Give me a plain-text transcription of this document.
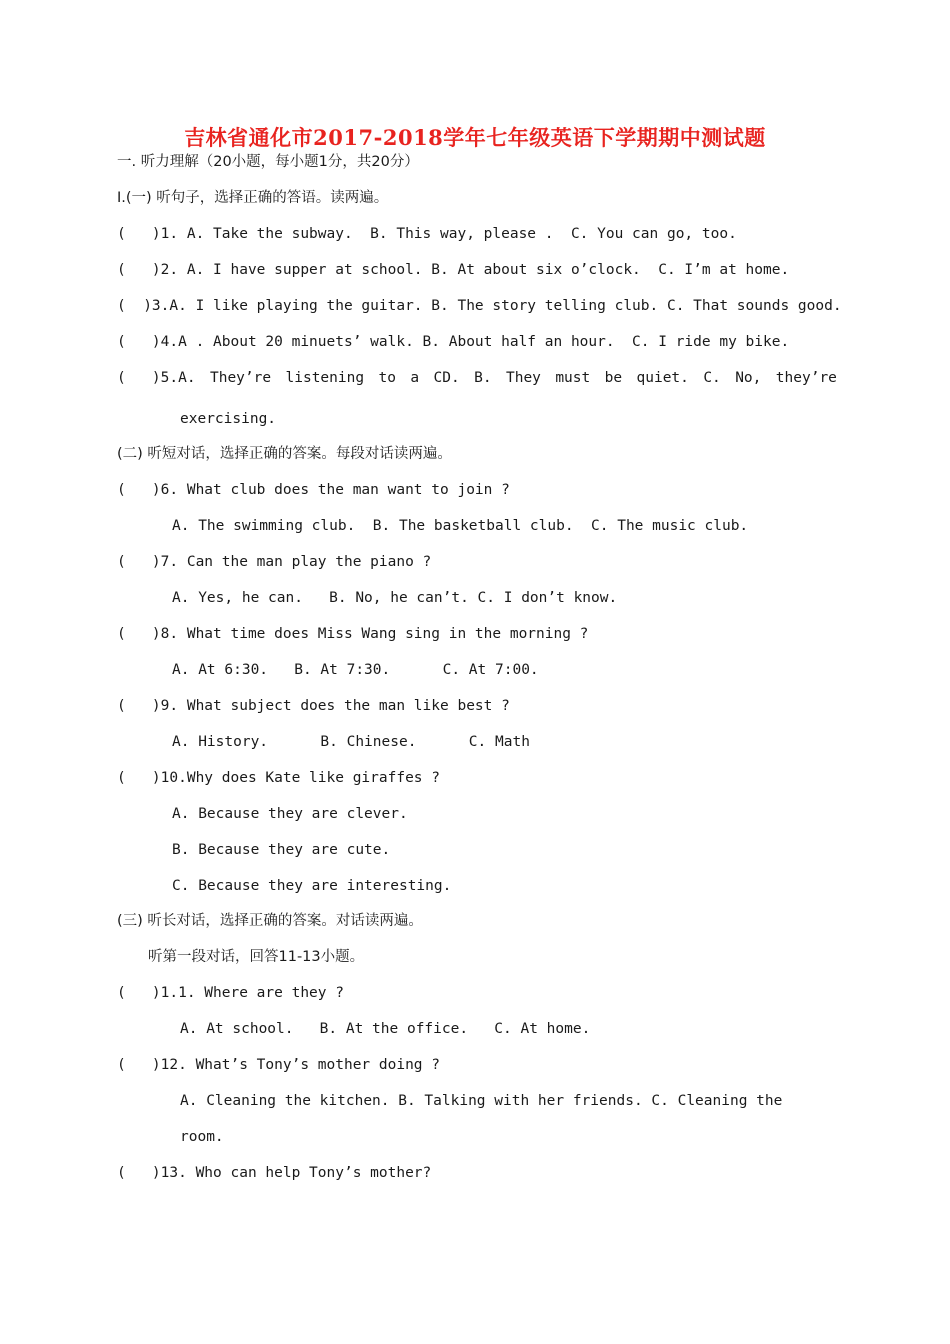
吉林省通化市2017-2018学年七年级英语下学期期中测试题
一. 听力理解（20小题，每小题1分，共20分）
Ⅰ.(一) 听句子，选择正确的答语。读两遍。
(   )1. A. Take the subway.  B. This way, please .  C. You can go, too.
(   )2. A. I have supper at school. B. At about six o’clock.  C. I’m at home.
(  )3.A. I like playing the guitar. B. The story telling club. C. That sounds good.
(   )4.A . About 20 minuets’ walk. B. About half an hour.  C. I ride my bike.
(   )5.A. They’re listening to a CD. B. They must be quiet. C. No, they’re
exercising.
(二) 听短对话，选择正确的答案。每段对话读两遍。
(   )6. What club does the man want to join ?
A. The swimming club.  B. The basketball club.  C. The music club.
(   )7. Can the man play the piano ?
A. Yes, he can.   B. No, he can’t. C. I don’t know.
(   )8. What time does Miss Wang sing in the morning ?
A. At 6:30.   B. At 7:30.      C. At 7:00.
(   )9. What subject does the man like best ?
A. History.      B. Chinese.      C. Math
(   )10.Why does Kate like giraffes ?
A. Because they are clever.
B. Because they are cute.
C. Because they are interesting.
(三) 听长对话，选择正确的答案。对话读两遍。
听第一段对话，回答11-13小题。
(   )1.1. Where are they ?
A. At school.   B. At the office.   C. At home.
(   )12. What’s Tony’s mother doing ?
A. Cleaning the kitchen. B. Talking with her friends. C. Cleaning the
room.
(   )13. Who can help Tony’s mother?
